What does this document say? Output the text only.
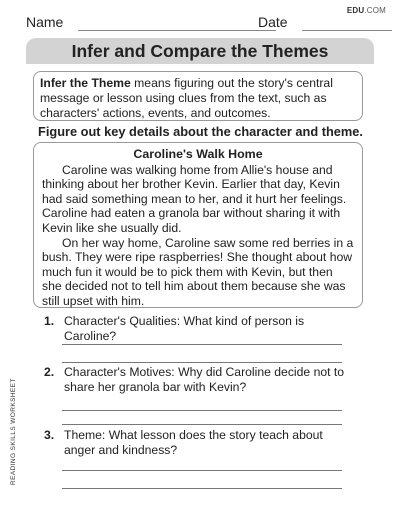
EDU.COM
Name	Date
Infer and Compare the Themes
Infer the Theme means figuring out the story's central message or lesson using clues from the text, such as characters' actions, events, and outcomes.
Figure out key details about the character and theme.
Caroline's Walk Home

Caroline was walking home from Allie's house and thinking about her brother Kevin. Earlier that day, Kevin had said something mean to her, and it hurt her feelings. Caroline had eaten a granola bar without sharing it with Kevin like she usually did.

On her way home, Caroline saw some red berries in a bush. They were ripe raspberries! She thought about how much fun it would be to pick them with Kevin, but then she decided not to tell him about them because she was still upset with him.

READING SKILLS WORKSHEET
1. Character's Qualities: What kind of person is Caroline?
2. Character's Motives: Why did Caroline decide not to share her granola bar with Kevin?
3. Theme: What lesson does the story teach about anger and kindness?
